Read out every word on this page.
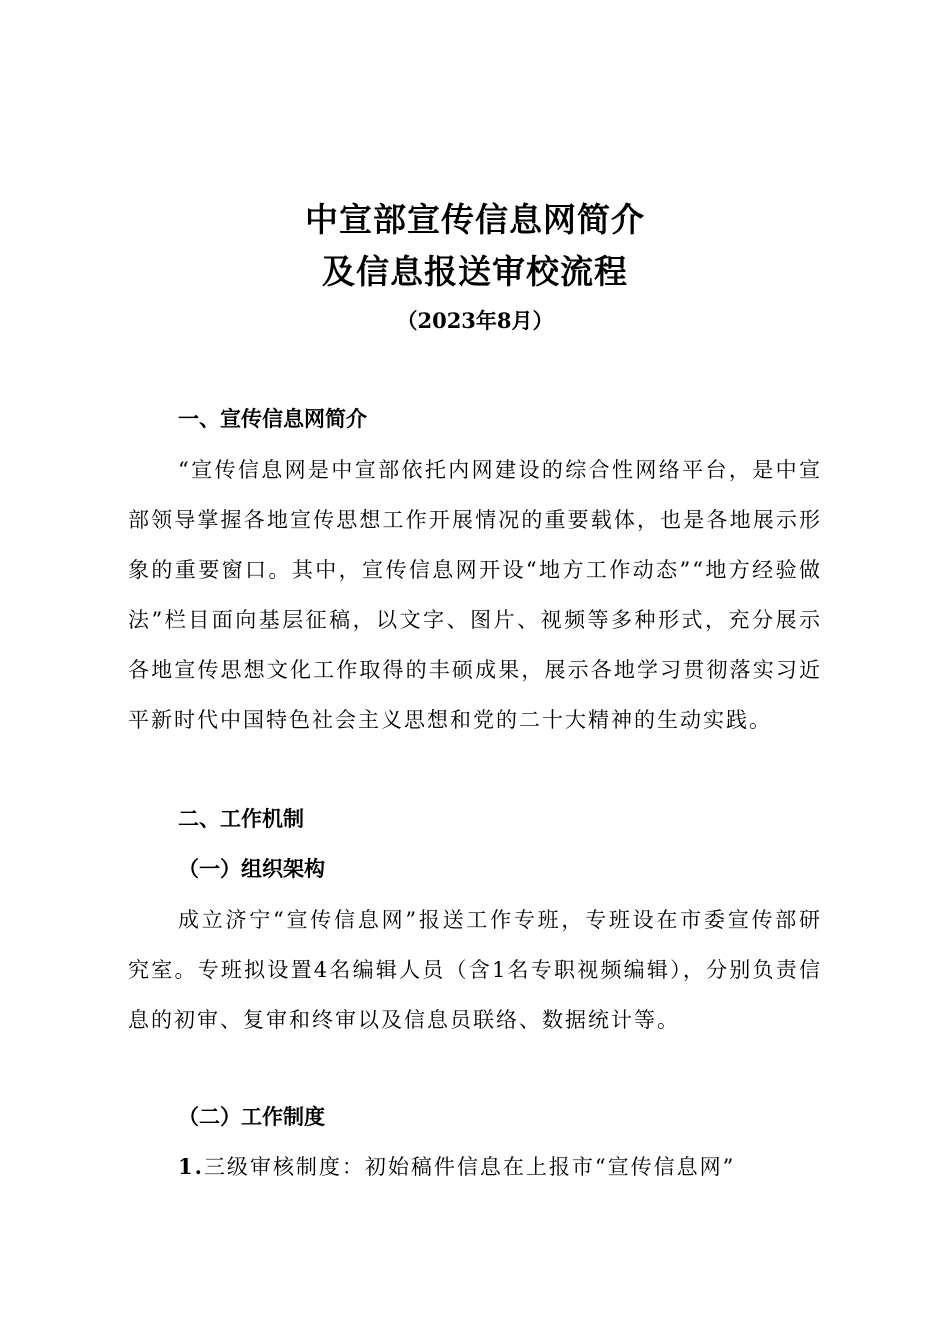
中宣部宣传信息网简介
及信息报送审校流程
（2023年8月）
一、宣传信息网简介
“宣传信息网是中宣部依托内网建设的综合性网络平台，是中宣部领导掌握各地宣传思想工作开展情况的重要载体，也是各地展示形象的重要窗口。其中，宣传信息网开设“地方工作动态”“地方经验做法”栏目面向基层征稿，以文字、图片、视频等多种形式，充分展示各地宣传思想文化工作取得的丰硕成果，展示各地学习贯彻落实习近平新时代中国特色社会主义思想和党的二十大精神的生动实践。
二、工作机制
（一）组织架构
成立济宁“宣传信息网”报送工作专班，专班设在市委宣传部研究室。专班拟设置4名编辑人员（含1名专职视频编辑），分别负责信息的初审、复审和终审以及信息员联络、数据统计等。
（二）工作制度
1.三级审核制度：初始稿件信息在上报市“宣传信息网”
